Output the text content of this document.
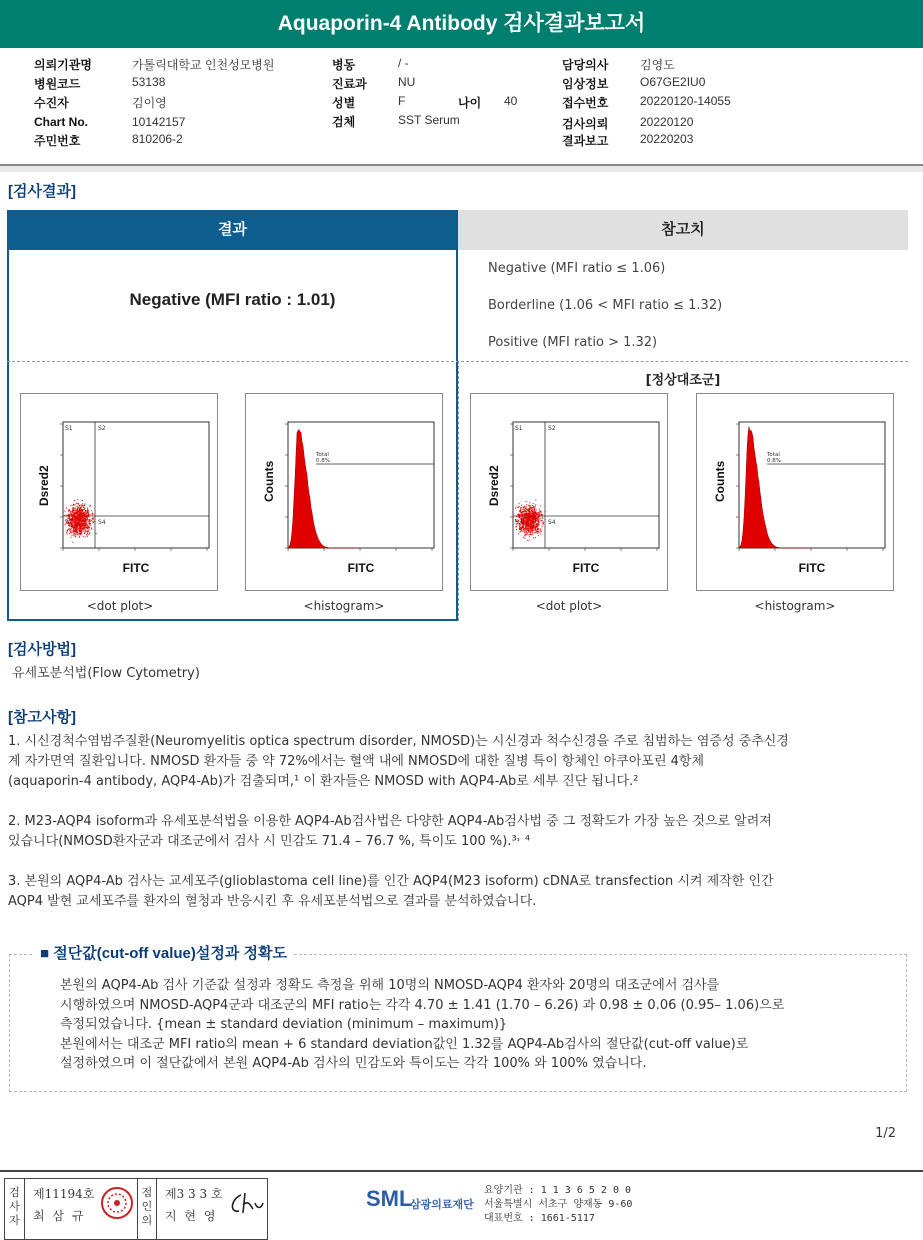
Aquaporin-4 Antibody 검사결과보고서
의뢰기관명	가톨릭대학교 인천성모병원
병원코드	53138
수진자	김이영
Chart No.	10142157
주민번호	810206-2
병동	/ -
진료과	NU
성별	F
검체	SST Serum
나이 40
담당의사	김영도
임상정보	O67GE2IU0
접수번호	20220120-14055
검사의뢰	20220120
결과보고	20220203
[검사결과]
결과	참고치
Negative (MFI ratio : 1.01)
Negative (MFI ratio ≤ 1.06)
Borderline (1.06 < MFI ratio ≤ 1.32)
Positive (MFI ratio > 1.32)
[정상대조군]
S1	S2
S3	S4
Dsred2
FITC
<dot plot>
Total
0.8%
Counts
FITC
<histogram>
S1	S2
S3	S4
Dsred2
FITC
<dot plot>
Total
0.8%
Counts
FITC
<histogram>
[검사방법]
유세포분석법(Flow Cytometry)
[참고사항]
1. 시신경척수염범주질환(Neuromyelitis optica spectrum disorder, NMOSD)는 시신경과 척수신경을 주로 침범하는 염증성 중추신경
계 자가면역 질환입니다. NMOSD 환자들 중 약 72%에서는 혈액 내에 NMOSD에 대한 질병 특이 항체인 아쿠아포린 4항체
(aquaporin-4 antibody, AQP4-Ab)가 검출되며,¹ 이 환자들은 NMOSD with AQP4-Ab로 세부 진단 됩니다.²
2. M23-AQP4 isoform과 유세포분석법을 이용한 AQP4-Ab검사법은 다양한 AQP4-Ab검사법 중 그 정확도가 가장 높은 것으로 알려져
있습니다(NMOSD환자군과 대조군에서 검사 시 민감도 71.4 – 76.7 %, 특이도 100 %).³˒ ⁴
3. 본원의 AQP4-Ab 검사는 교세포주(glioblastoma cell line)를 인간 AQP4(M23 isoform) cDNA로 transfection 시켜 제작한 인간
AQP4 발현 교세포주를 환자의 혈청과 반응시킨 후 유세포분석법으로 결과를 분석하였습니다.
■ 절단값(cut-off value)설정과 정확도
본원의 AQP4-Ab 검사 기준값 설정과 정확도 측정을 위해 10명의 NMOSD-AQP4 환자와 20명의 대조군에서 검사를
시행하였으며 NMOSD-AQP4군과 대조군의 MFI ratio는 각각 4.70 ± 1.41 (1.70 – 6.26) 과 0.98 ± 0.06 (0.95– 1.06)으로
측정되었습니다. {mean ± standard deviation (minimum – maximum)}
본원에서는 대조군 MFI ratio의 mean + 6 standard deviation값인 1.32를 AQP4-Ab검사의 절단값(cut-off value)로
설정하였으며 이 절단값에서 본원 AQP4-Ab 검사의 민감도와 특이도는 각각 100% 와 100% 였습니다.
1/2
검사자
제11194호
최 삼 규
점인의
제3 3 3 호
지 현 영
SML
삼광의료재단
요양기관 : 1 1 3 6 5 2 0 0
서울특별시 서초구 양재동 9-60
대표번호 : 1661-5117
